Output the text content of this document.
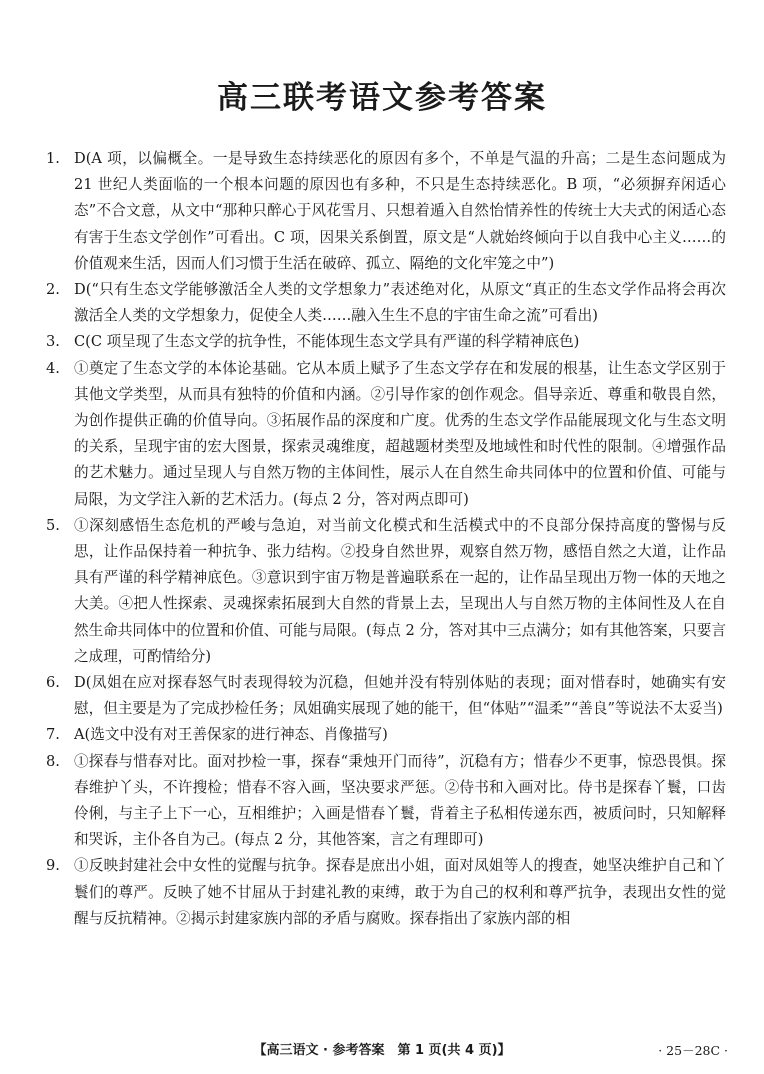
高三联考语文参考答案

1. D(A 项，以偏概全。一是导致生态持续恶化的原因有多个，不单是气温的升高；二是生态问题成为 21 世纪人类面临的一个根本问题的原因也有多种，不只是生态持续恶化。B 项，“必须摒弃闲适心态”不合文意，从文中“那种只醉心于风花雪月、只想着遁入自然怡情养性的传统士大夫式的闲适心态有害于生态文学创作”可看出。C 项，因果关系倒置，原文是“人就始终倾向于以自我中心主义……的价值观来生活，因而人们习惯于生活在破碎、孤立、隔绝的文化牢笼之中”)

2. D(“只有生态文学能够激活全人类的文学想象力”表述绝对化，从原文“真正的生态文学作品将会再次激活全人类的文学想象力，促使全人类……融入生生不息的宇宙生命之流”可看出)

3. C(C 项呈现了生态文学的抗争性，不能体现生态文学具有严谨的科学精神底色)

4. ①奠定了生态文学的本体论基础。它从本质上赋予了生态文学存在和发展的根基，让生态文学区别于其他文学类型，从而具有独特的价值和内涵。②引导作家的创作观念。倡导亲近、尊重和敬畏自然，为创作提供正确的价值导向。③拓展作品的深度和广度。优秀的生态文学作品能展现文化与生态文明的关系，呈现宇宙的宏大图景，探索灵魂维度，超越题材类型及地域性和时代性的限制。④增强作品的艺术魅力。通过呈现人与自然万物的主体间性，展示人在自然生命共同体中的位置和价值、可能与局限，为文学注入新的艺术活力。(每点 2 分，答对两点即可)

5. ①深刻感悟生态危机的严峻与急迫，对当前文化模式和生活模式中的不良部分保持高度的警惕与反思，让作品保持着一种抗争、张力结构。②投身自然世界，观察自然万物，感悟自然之大道，让作品具有严谨的科学精神底色。③意识到宇宙万物是普遍联系在一起的，让作品呈现出万物一体的天地之大美。④把人性探索、灵魂探索拓展到大自然的背景上去，呈现出人与自然万物的主体间性及人在自然生命共同体中的位置和价值、可能与局限。(每点 2 分，答对其中三点满分；如有其他答案，只要言之成理，可酌情给分)

6. D(凤姐在应对探春怒气时表现得较为沉稳，但她并没有特别体贴的表现；面对惜春时，她确实有安慰，但主要是为了完成抄检任务；凤姐确实展现了她的能干，但“体贴”“温柔”“善良”等说法不太妥当)

7. A(选文中没有对王善保家的进行神态、肖像描写)

8. ①探春与惜春对比。面对抄检一事，探春“秉烛开门而待”，沉稳有方；惜春少不更事，惊恐畏惧。探春维护丫头，不许搜检；惜春不容入画，坚决要求严惩。②侍书和入画对比。侍书是探春丫鬟，口齿伶俐，与主子上下一心，互相维护；入画是惜春丫鬟，背着主子私相传递东西，被质问时，只知解释和哭诉，主仆各自为己。(每点 2 分，其他答案，言之有理即可)

9. ①反映封建社会中女性的觉醒与抗争。探春是庶出小姐，面对凤姐等人的搜查，她坚决维护自己和丫鬟们的尊严。反映了她不甘屈从于封建礼教的束缚，敢于为自己的权利和尊严抗争，表现出女性的觉醒与反抗精神。②揭示封建家族内部的矛盾与腐败。探春指出了家族内部的相

【高三语文 · 参考答案　第 1 页(共 4 页)】	· 25－28C ·
